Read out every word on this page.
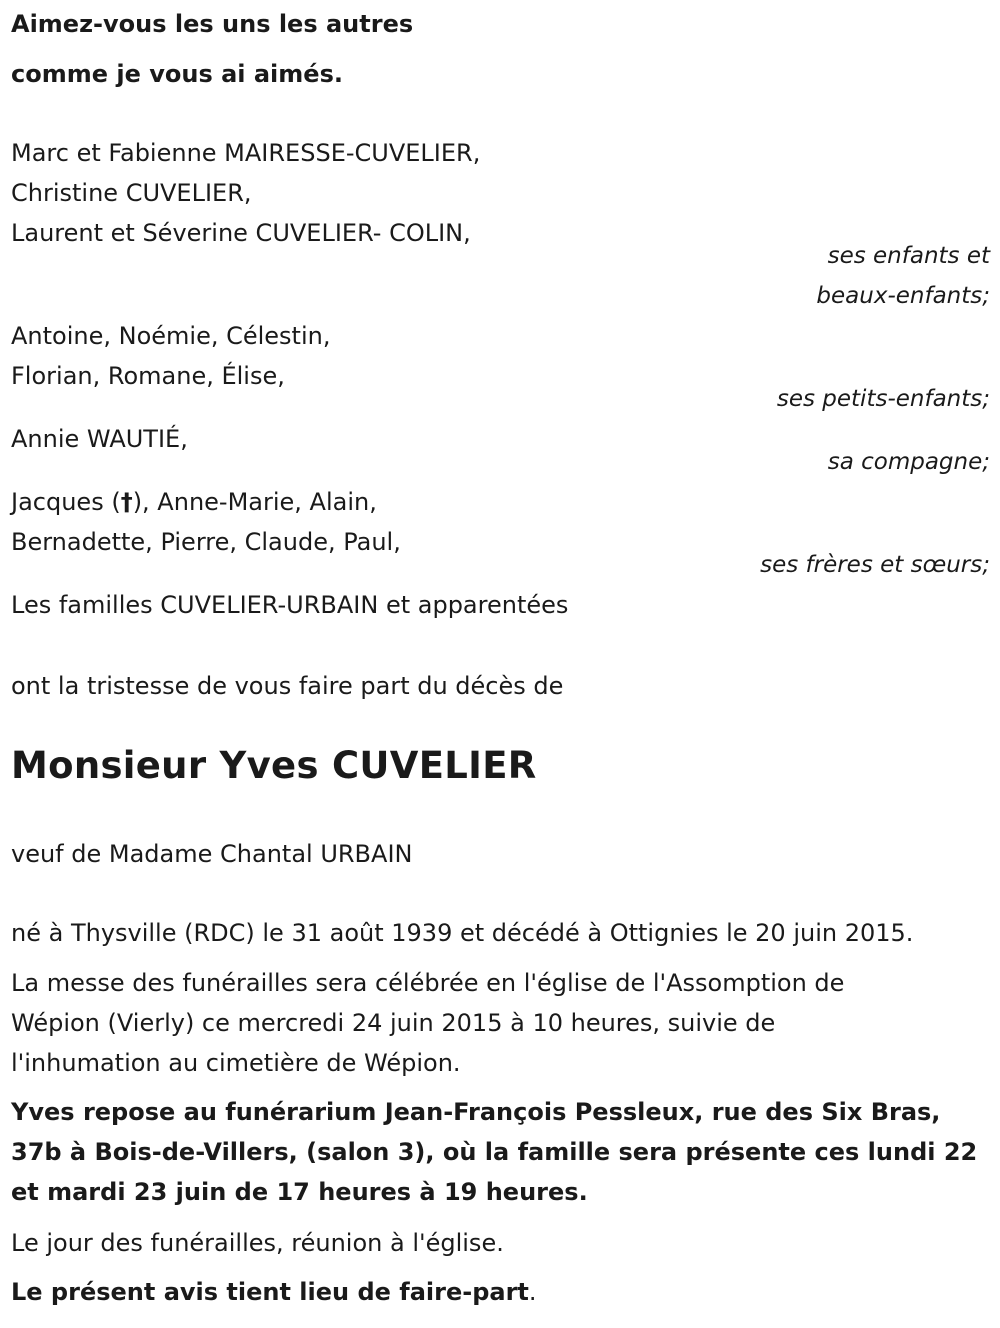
Aimez-vous les uns les autres
comme je vous ai aimés.
Marc et Fabienne MAIRESSE-CUVELIER,
Christine CUVELIER,
Laurent et Séverine CUVELIER- COLIN,
ses enfants et
beaux-enfants;
Antoine, Noémie, Célestin,
Florian, Romane, Élise,
ses petits-enfants;
Annie WAUTIÉ,
sa compagne;
Jacques (†), Anne-Marie, Alain,
Bernadette, Pierre, Claude, Paul,
ses frères et sœurs;
Les familles CUVELIER-URBAIN et apparentées
ont la tristesse de vous faire part du décès de
Monsieur Yves CUVELIER
veuf de Madame Chantal URBAIN
né à Thysville (RDC) le 31 août 1939 et décédé à Ottignies le 20 juin 2015.
La messe des funérailles sera célébrée en l'église de l'Assomption de
Wépion (Vierly) ce mercredi 24 juin 2015 à 10 heures, suivie de
l'inhumation au cimetière de Wépion.
Yves repose au funérarium Jean-François Pessleux, rue des Six Bras,
37b à Bois-de-Villers, (salon 3), où la famille sera présente ces lundi 22
et mardi 23 juin de 17 heures à 19 heures.
Le jour des funérailles, réunion à l'église.
Le présent avis tient lieu de faire-part.
